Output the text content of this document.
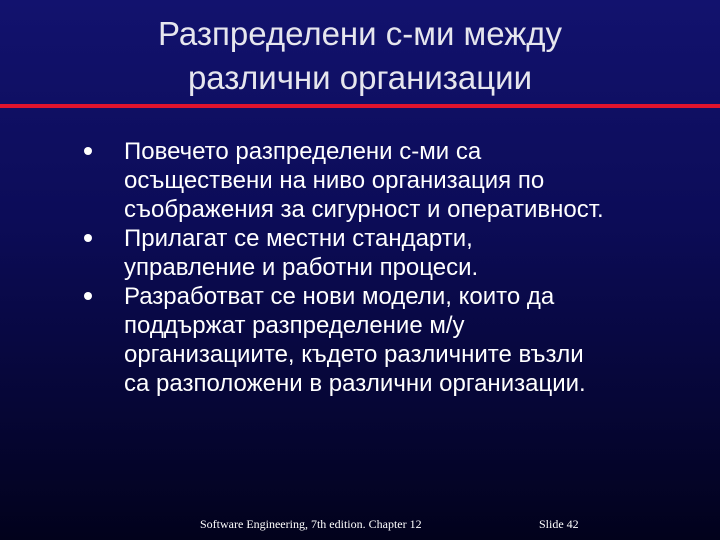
Разпределени с-ми между
различни организации
Повечето разпределени с-ми са
осъществени на ниво организация по
съображения за сигурност и оперативност.
Прилагат се местни стандарти,
управление и работни процеси.
Разработват се нови модели, които да
поддържат разпределение м/у
организациите, където различните възли
са разположени в различни организации.
Software Engineering, 7th edition. Chapter 12	Slide 42
